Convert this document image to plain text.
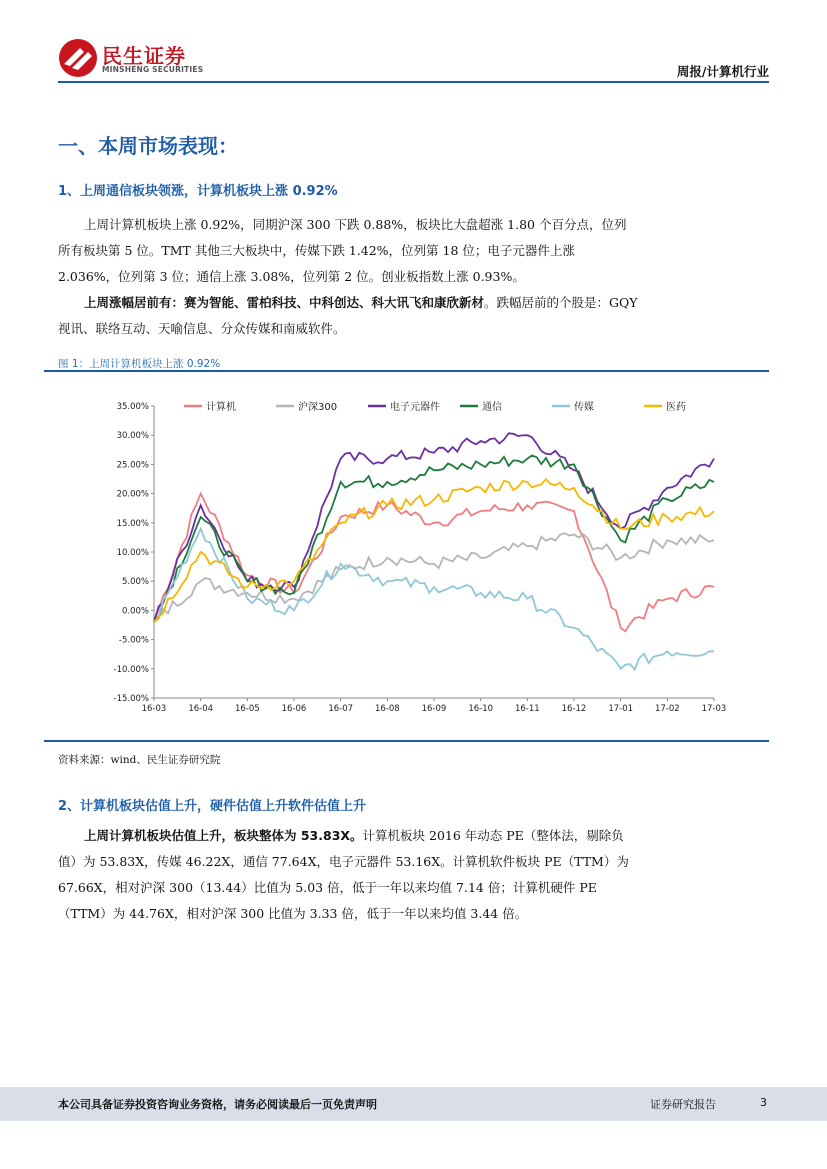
民生证券
MINSHENG SECURITIES	周报/计算机行业
一、本周市场表现：
1、上周通信板块领涨，计算机板块上涨 0.92%

上周计算机板块上涨 0.92%，同期沪深 300 下跌 0.88%，板块比大盘超涨 1.80 个百分点，位列所有板块第 5 位。TMT 其他三大板块中，传媒下跌 1.42%，位列第 18 位；电子元器件上涨 2.036%，位列第 3 位；通信上涨 3.08%，位列第 2 位。创业板指数上涨 0.93%。

上周涨幅居前有：赛为智能、雷柏科技、中科创达、科大讯飞和康欣新材。跌幅居前的个股是：GQY 视讯、联络互动、天喻信息、分众传媒和南威软件。

图 1：上周计算机板块上涨 0.92%
35.00%
30.00%
25.00%
20.00%
15.00%
10.00%
5.00%
0.00%
-5.00%
-10.00%
-15.00%
16-03	16-04	16-05	16-06	16-07	16-08	16-09	16-10	16-11	16-12	17-01	17-02	17-03
计算机	沪深300	电子元器件	通信	传媒	医药
资料来源：wind、民生证券研究院
2、计算机板块估值上升，硬件估值上升软件估值上升

上周计算机板块估值上升，板块整体为 53.83X。计算机板块 2016 年动态 PE（整体法，剔除负值）为 53.83X，传媒 46.22X，通信 77.64X，电子元器件 53.16X。计算机软件板块 PE（TTM）为 67.66X，相对沪深 300（13.44）比值为 5.03 倍，低于一年以来均值 7.14 倍；计算机硬件 PE（TTM）为 44.76X，相对沪深 300 比值为 3.33 倍，低于一年以来均值 3.44 倍。

本公司具备证券投资咨询业务资格，请务必阅读最后一页免责声明	证券研究报告	3
